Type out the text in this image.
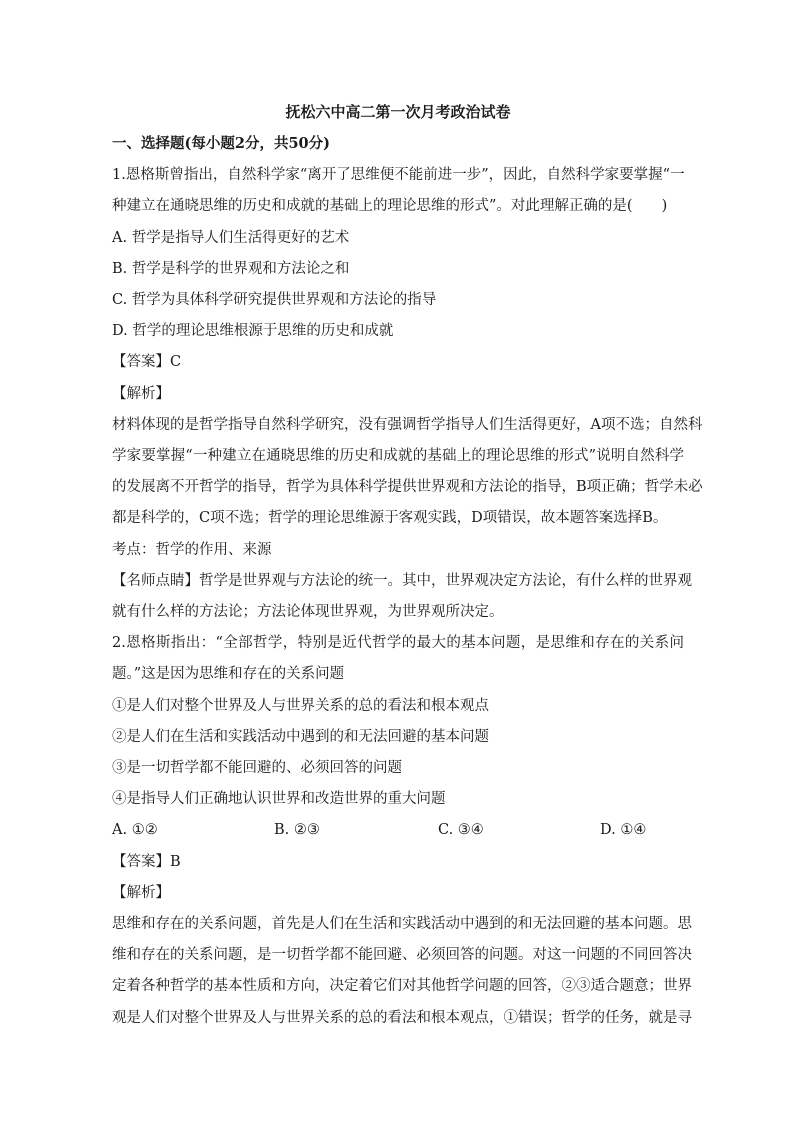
抚松六中高二第一次月考政治试卷
一、选择题(每小题2分，共50分)
1.恩格斯曾指出，自然科学家“离开了思维便不能前进一步”，因此，自然科学家要掌握“一
种建立在通晓思维的历史和成就的基础上的理论思维的形式”。对此理解正确的是(　　)
A. 哲学是指导人们生活得更好的艺术
B. 哲学是科学的世界观和方法论之和
C. 哲学为具体科学研究提供世界观和方法论的指导
D. 哲学的理论思维根源于思维的历史和成就
【答案】C
【解析】
材料体现的是哲学指导自然科学研究，没有强调哲学指导人们生活得更好，A项不选；自然科
学家要掌握“一种建立在通晓思维的历史和成就的基础上的理论思维的形式”说明自然科学
的发展离不开哲学的指导，哲学为具体科学提供世界观和方法论的指导，B项正确；哲学未必
都是科学的，C项不选；哲学的理论思维源于客观实践，D项错误，故本题答案选择B。
考点：哲学的作用、来源
【名师点睛】哲学是世界观与方法论的统一。其中，世界观决定方法论，有什么样的世界观
就有什么样的方法论；方法论体现世界观，为世界观所决定。
2.恩格斯指出：“全部哲学，特别是近代哲学的最大的基本问题，是思维和存在的关系问
题。”这是因为思维和存在的关系问题
①是人们对整个世界及人与世界关系的总的看法和根本观点
②是人们在生活和实践活动中遇到的和无法回避的基本问题
③是一切哲学都不能回避的、必须回答的问题
④是指导人们正确地认识世界和改造世界的重大问题
A. ①②	B. ②③	C. ③④	D. ①④
【答案】B
【解析】
思维和存在的关系问题，首先是人们在生活和实践活动中遇到的和无法回避的基本问题。思
维和存在的关系问题，是一切哲学都不能回避、必须回答的问题。对这一问题的不同回答决
定着各种哲学的基本性质和方向，决定着它们对其他哲学问题的回答，②③适合题意；世界
观是人们对整个世界及人与世界关系的总的看法和根本观点，①错误；哲学的任务，就是寻
